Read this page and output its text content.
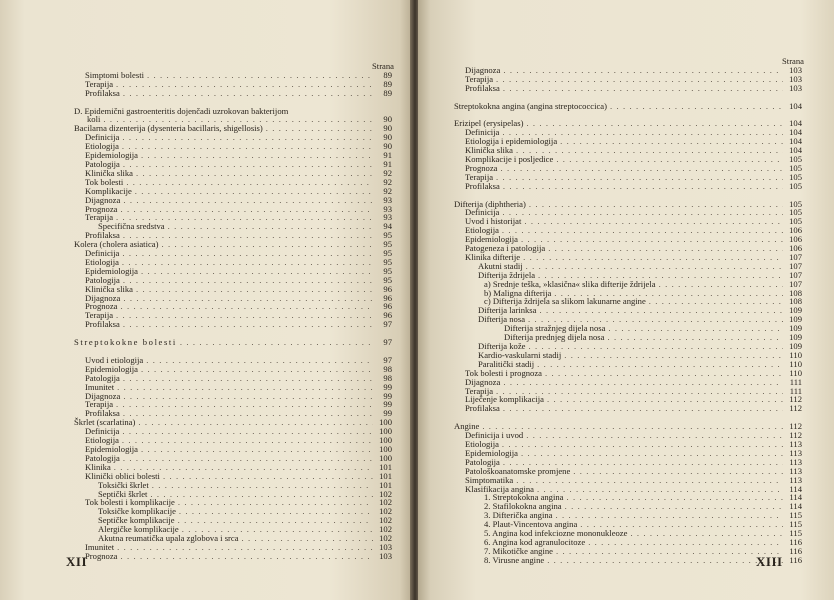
Strana
Simptomi bolesti . . .	89
Terapija . . .	89
Profilaksa . . .	89
D. Epidemični gastroenteritis dojenčadi uzrokovan bakterijom
koli . . .	90
Bacilarna dizenterija (dysenteria bacillaris, shigellosis) . . .	90
Definicija . . .	90
Etiologija . . .	90
Epidemiologija . . .	91
Patologija . . .	91
Klinička slika . . .	92
Tok bolesti . . .	92
Komplikacije . . .	92
Dijagnoza . . .	93
Prognoza . . .	93
Terapija . . .	93
Specifična sredstva . . .	94
Profilaksa . . .	95
Kolera (cholera asiatica) . . .	95
Definicija . . .	95
Etiologija . . .	95
Epidemiologija . . .	95
Patologija . . .	95
Klinička slika . . .	96
Dijagnoza . . .	96
Prognoza . . .	96
Terapija . . .	96
Profilaksa . . .	97
Streptokokne bolesti . . .	97
Uvod i etiologija . . .	97
Epidemiologija . . .	98
Patologija . . .	98
Imunitet . . .	99
Dijagnoza . . .	99
Terapija . . .	99
Profilaksa . . .	99
Škrlet (scarlatina) . . .	100
Definicija . . .	100
Etiologija . . .	100
Epidemiologija . . .	100
Patologija . . .	100
Klinika . . .	101
Klinički oblici bolesti . . .	101
Toksički škrlet . . .	101
Septički škrlet . . .	102
Tok bolesti i komplikacije . . .	102
Toksičke komplikacije . . .	102
Septičke komplikacije . . .	102
Alergičke komplikacije . . .	102
Akutna reumatička upala zglobova i srca . . .	102
Imunitet . . .	103
Prognoza . . .	103
XII
Strana
Dijagnoza . . .	103
Terapija . . .	103
Profilaksa . . .	103
Streptokokna angina (angina streptococcica) . . .	104
Erizipel (erysipelas) . . .	104
Definicija . . .	104
Etiologija i epidemiologija . . .	104
Klinička slika . . .	104
Komplikacije i posljedice . . .	105
Prognoza . . .	105
Terapija . . .	105
Profilaksa . . .	105
Difterija (diphtheria) . . .	105
Definicija . . .	105
Uvod i historijat . . .	105
Etiologija . . .	106
Epidemiologija . . .	106
Patogeneza i patologija . . .	106
Klinika difterije . . .	107
Akutni stadij . . .	107
Difterija ždrijela . . .	107
a) Srednje teška, »klasična« slika difterije ždrijela . . .	107
b) Maligna difterija . . .	108
c) Difterija ždrijela sa slikom lakunarne angine . . .	108
Difterija larinksa . . .	109
Difterija nosa . . .	109
Difterija stražnjeg dijela nosa . . .	109
Difterija prednjeg dijela nosa . . .	109
Difterija kože . . .	109
Kardio-vaskularni stadij . . .	110
Paralitički stadij . . .	110
Tok bolesti i prognoza . . .	110
Dijagnoza . . .	111
Terapija . . .	111
Liječenje komplikacija . . .	112
Profilaksa . . .	112
Angine . . .	112
Definicija i uvod . . .	112
Etiologija . . .	113
Epidemiologija . . .	113
Patologija . . .	113
Patološkoanatomske promjene . . .	113
Simptomatika . . .	113
Klasifikacija angina . . .	114
1. Streptokokna angina . . .	114
2. Stafilokokna angina . . .	114
3. Difterička angina . . .	115
4. Plaut-Vincentova angina . . .	115
5. Angina kod infekciozne mononukleoze . . .	115
6. Angina kod agranulocitoze . . .	116
7. Mikotičke angine . . .	116
8. Virusne angine . . .	116
XIII
